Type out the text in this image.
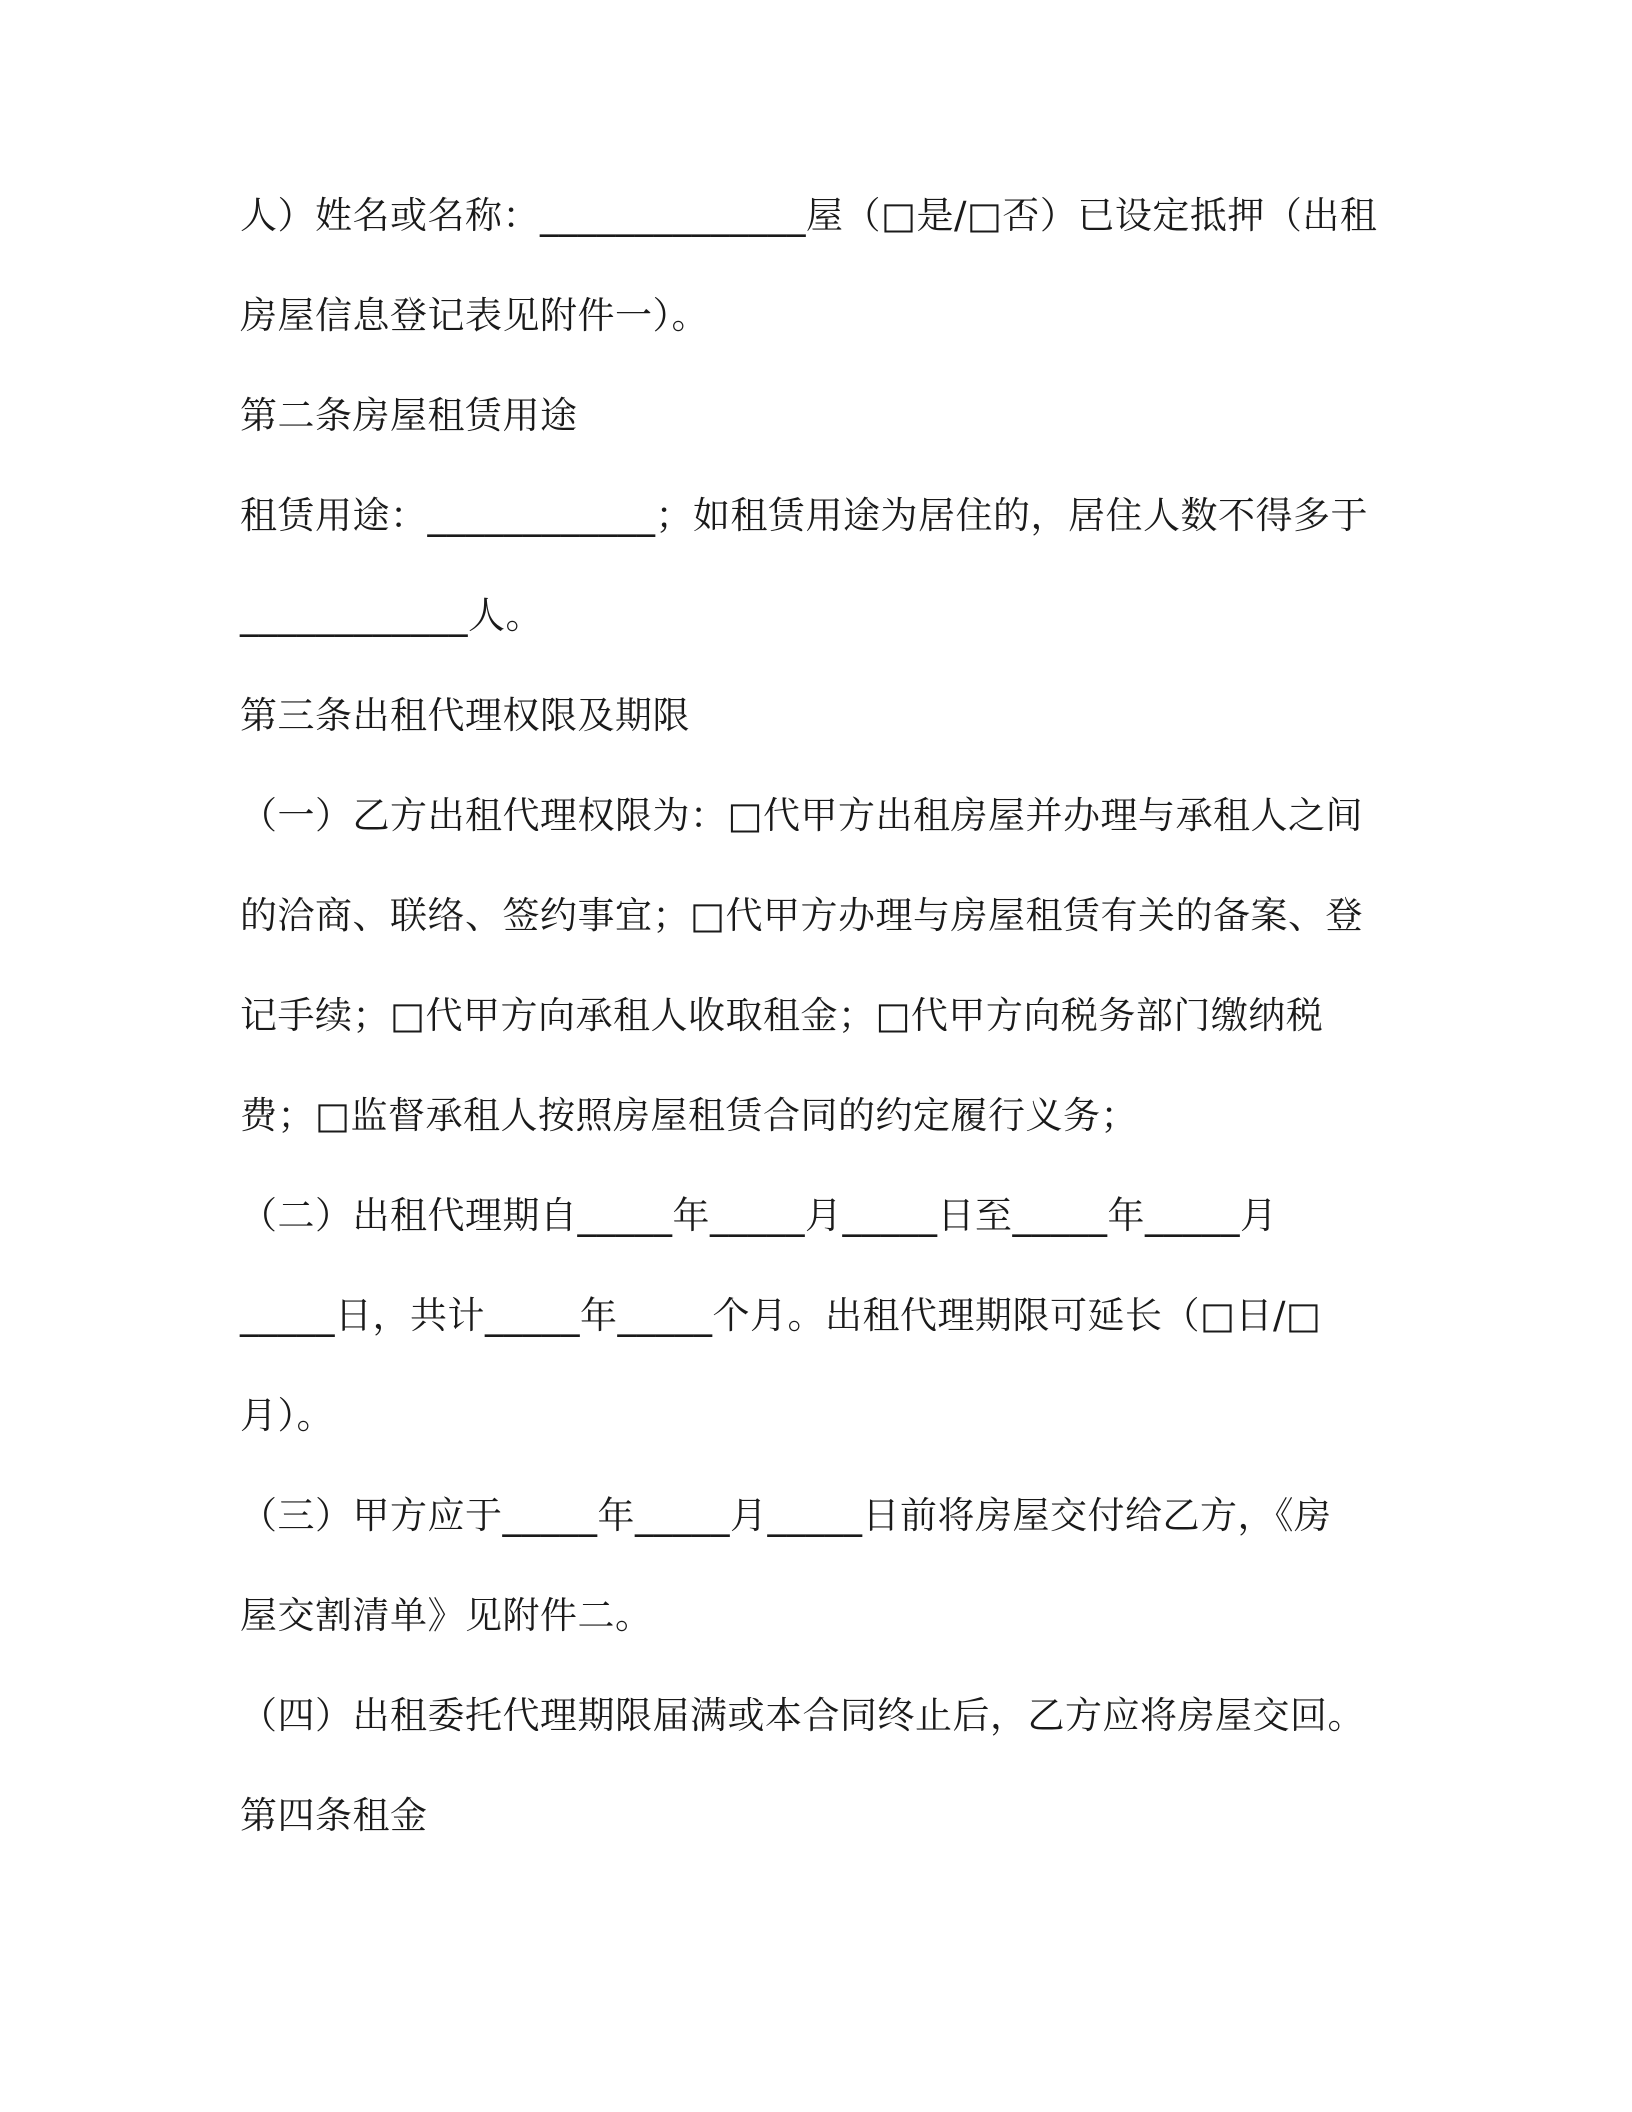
人）姓名或名称：______________屋（□是/□否）已设定抵押（出租
房屋信息登记表见附件一）。
第二条房屋租赁用途
租赁用途：____________；如租赁用途为居住的，居住人数不得多于
____________人。
第三条出租代理权限及期限
（一）乙方出租代理权限为：□代甲方出租房屋并办理与承租人之间
的洽商、联络、签约事宜；□代甲方办理与房屋租赁有关的备案、登
记手续；□代甲方向承租人收取租金；□代甲方向税务部门缴纳税
费；□监督承租人按照房屋租赁合同的约定履行义务；
（二）出租代理期自_____年_____月_____日至_____年_____月
_____日，共计_____年_____个月。出租代理期限可延长（□日/□
月）。
（三）甲方应于_____年_____月_____日前将房屋交付给乙方，《房
屋交割清单》见附件二。
（四）出租委托代理期限届满或本合同终止后，乙方应将房屋交回。
第四条租金
